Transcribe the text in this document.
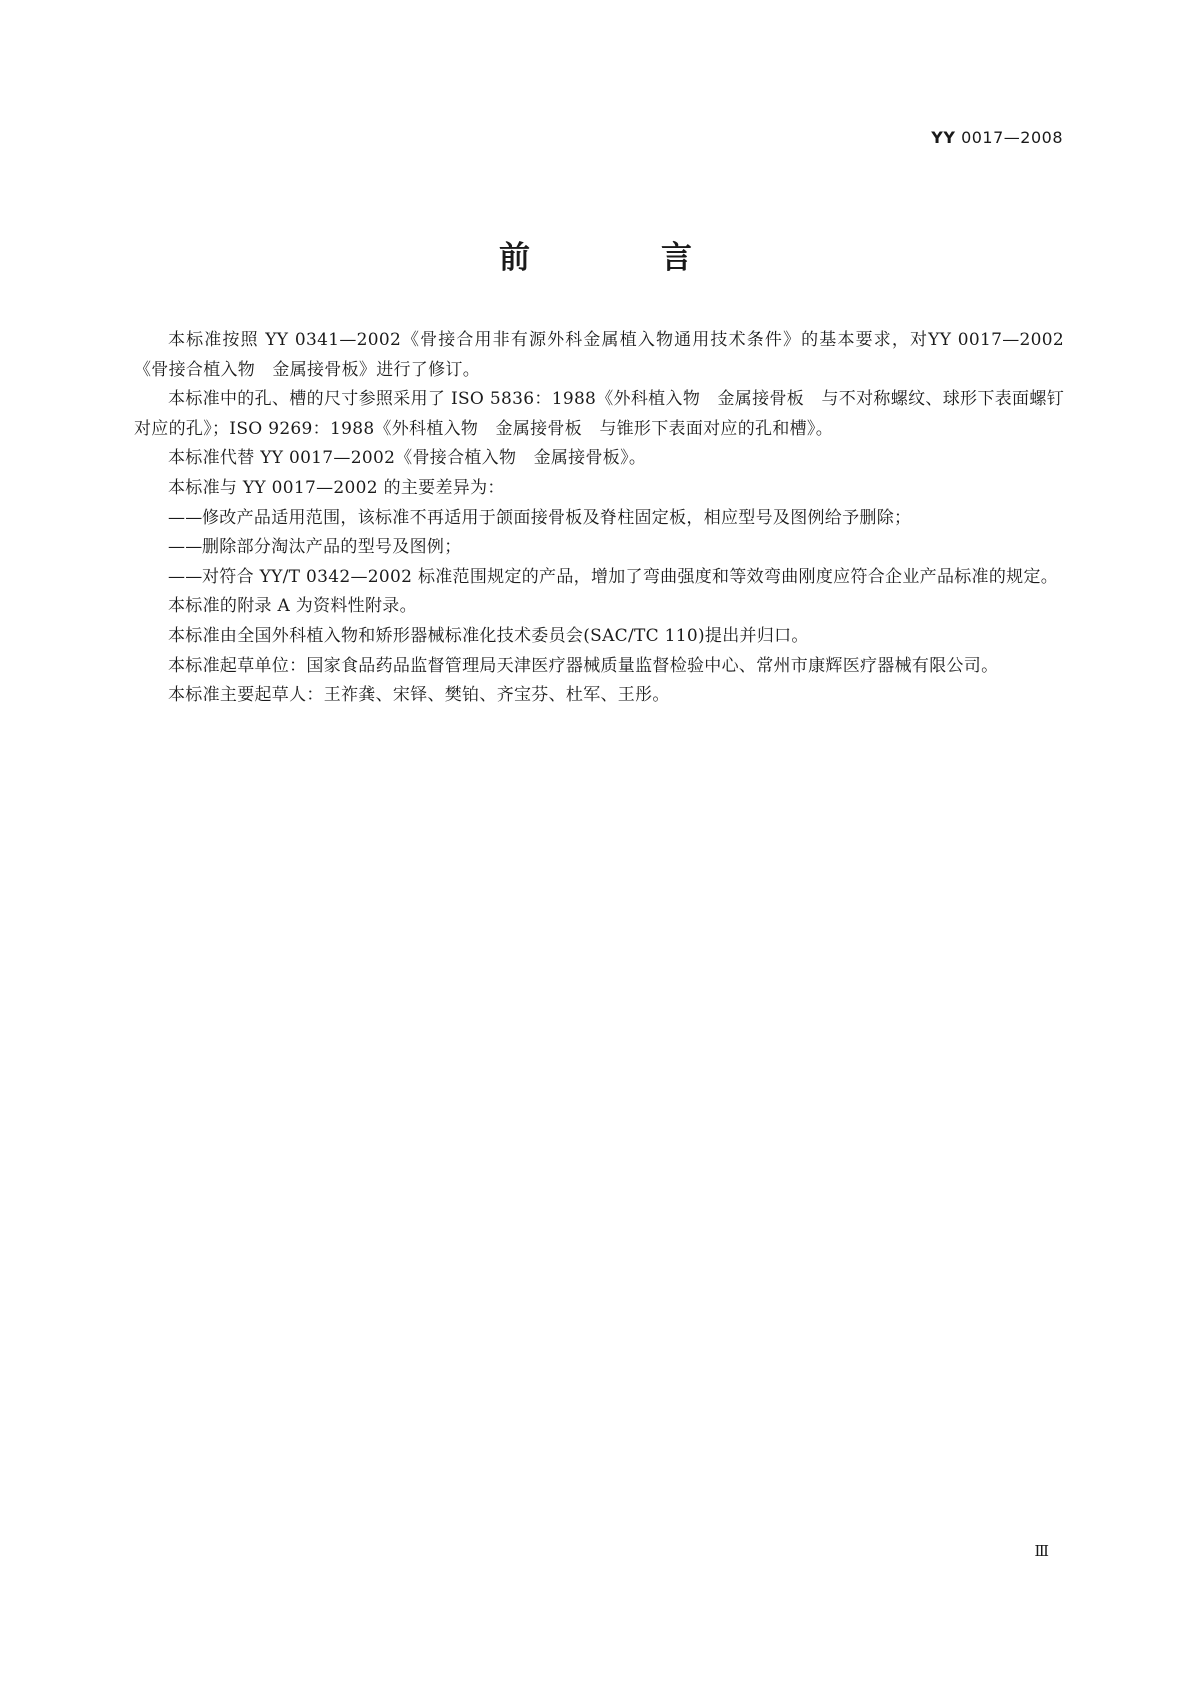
YY 0017—2008
前　言

本标准按照 YY 0341—2002《骨接合用非有源外科金属植入物通用技术条件》的基本要求，对YY 0017—2002《骨接合植入物　金属接骨板》进行了修订。

本标准中的孔、槽的尺寸参照采用了 ISO 5836：1988《外科植入物　金属接骨板　与不对称螺纹、球形下表面螺钉对应的孔》；ISO 9269：1988《外科植入物　金属接骨板　与锥形下表面对应的孔和槽》。

本标准代替 YY 0017—2002《骨接合植入物　金属接骨板》。

本标准与 YY 0017—2002 的主要差异为：

—— 修改产品适用范围，该标准不再适用于颌面接骨板及脊柱固定板，相应型号及图例给予删除；

—— 删除部分淘汰产品的型号及图例；

—— 对符合 YY/T 0342—2002 标准范围规定的产品，增加了弯曲强度和等效弯曲刚度应符合企业产品标准的规定。

本标准的附录 A 为资料性附录。

本标准由全国外科植入物和矫形器械标准化技术委员会(SAC/TC 110)提出并归口。

本标准起草单位：国家食品药品监督管理局天津医疗器械质量监督检验中心、常州市康辉医疗器械有限公司。

本标准主要起草人：王祚龚、宋铎、樊铂、齐宝芬、杜军、王彤。

Ⅲ
